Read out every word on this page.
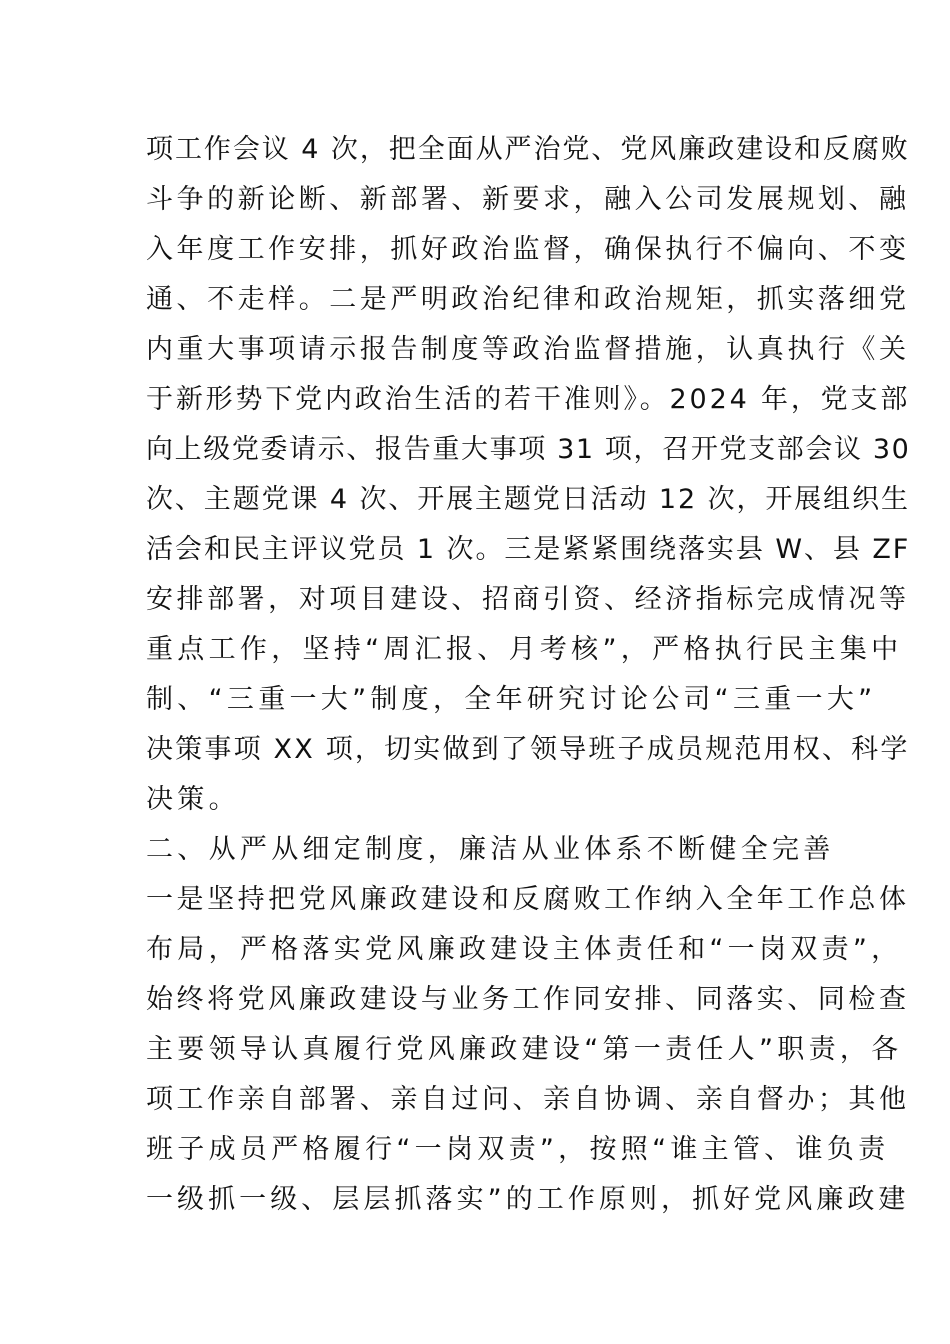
项工作会议 4 次，把全面从严治党、党风廉政建设和反腐败
斗争的新论断、新部署、新要求，融入公司发展规划、融
入年度工作安排，抓好政治监督，确保执行不偏向、不变
通、不走样。二是严明政治纪律和政治规矩，抓实落细党
内重大事项请示报告制度等政治监督措施，认真执行《关
于新形势下党内政治生活的若干准则》。2024 年，党支部
向上级党委请示、报告重大事项 31 项，召开党支部会议 30
次、主题党课 4 次、开展主题党日活动 12 次，开展组织生
活会和民主评议党员 1 次。三是紧紧围绕落实县 W、县 ZF
安排部署，对项目建设、招商引资、经济指标完成情况等
重点工作，坚持“周汇报、月考核”，严格执行民主集中
制、“三重一大”制度，全年研究讨论公司“三重一大”
决策事项 XX 项，切实做到了领导班子成员规范用权、科学
决策。
二、从严从细定制度，廉洁从业体系不断健全完善
一是坚持把党风廉政建设和反腐败工作纳入全年工作总体
布局，严格落实党风廉政建设主体责任和“一岗双责”，
始终将党风廉政建设与业务工作同安排、同落实、同检查
主要领导认真履行党风廉政建设“第一责任人”职责，各
项工作亲自部署、亲自过问、亲自协调、亲自督办；其他
班子成员严格履行“一岗双责”，按照“谁主管、谁负责
一级抓一级、层层抓落实”的工作原则，抓好党风廉政建
